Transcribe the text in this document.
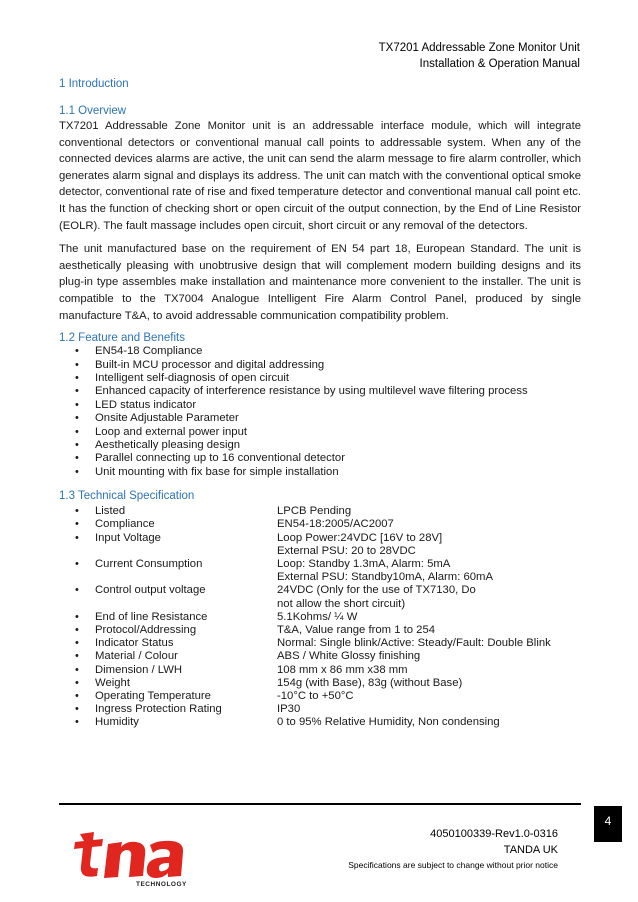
TX7201 Addressable Zone Monitor Unit
Installation & Operation Manual
1 Introduction
1.1 Overview

TX7201 Addressable Zone Monitor unit is an addressable interface module, which will integrate conventional detectors or conventional manual call points to addressable system. When any of the connected devices alarms are active, the unit can send the alarm message to fire alarm controller, which generates alarm signal and displays its address. The unit can match with the conventional optical smoke detector, conventional rate of rise and fixed temperature detector and conventional manual call point etc. It has the function of checking short or open circuit of the output connection, by the End of Line Resistor (EOLR). The fault massage includes open circuit, short circuit or any removal of the detectors.

The unit manufactured base on the requirement of EN 54 part 18, European Standard. The unit is aesthetically pleasing with unobtrusive design that will complement modern building designs and its plug-in type assembles make installation and maintenance more convenient to the installer. The unit is compatible to the TX7004 Analogue Intelligent Fire Alarm Control Panel, produced by single manufacture T&A, to avoid addressable communication compatibility problem.

1.2 Feature and Benefits
• EN54-18 Compliance
• Built-in MCU processor and digital addressing
• Intelligent self-diagnosis of open circuit
• Enhanced capacity of interference resistance by using multilevel wave filtering process
• LED status indicator
• Onsite Adjustable Parameter
• Loop and external power input
• Aesthetically pleasing design
• Parallel connecting up to 16 conventional detector
• Unit mounting with fix base for simple installation
1.3 Technical Specification
• Listed	LPCB Pending
• Compliance	EN54-18:2005/AC2007
• Input Voltage	Loop Power:24VDC [16V to 28V]
External PSU: 20 to 28VDC
• Current Consumption	Loop: Standby 1.3mA, Alarm: 5mA
External PSU: Standby10mA, Alarm: 60mA
• Control output voltage	24VDC (Only for the use of TX7130, Do
not allow the short circuit)
• End of line Resistance	5.1Kohms/ ¼ W
• Protocol/Addressing	T&A, Value range from 1 to 254
• Indicator Status	Normal: Single blink/Active: Steady/Fault: Double Blink
• Material / Colour	ABS / White Glossy finishing
• Dimension / LWH	108 mm x 86 mm x38 mm
• Weight	154g (with Base), 83g (without Base)
• Operating Temperature	-10°C to +50°C
• Ingress Protection Rating	IP30
• Humidity	0 to 95% Relative Humidity, Non condensing
4
TECHNOLOGY
4050100339-Rev1.0-0316
TANDA UK
Specifications are subject to change without prior notice
